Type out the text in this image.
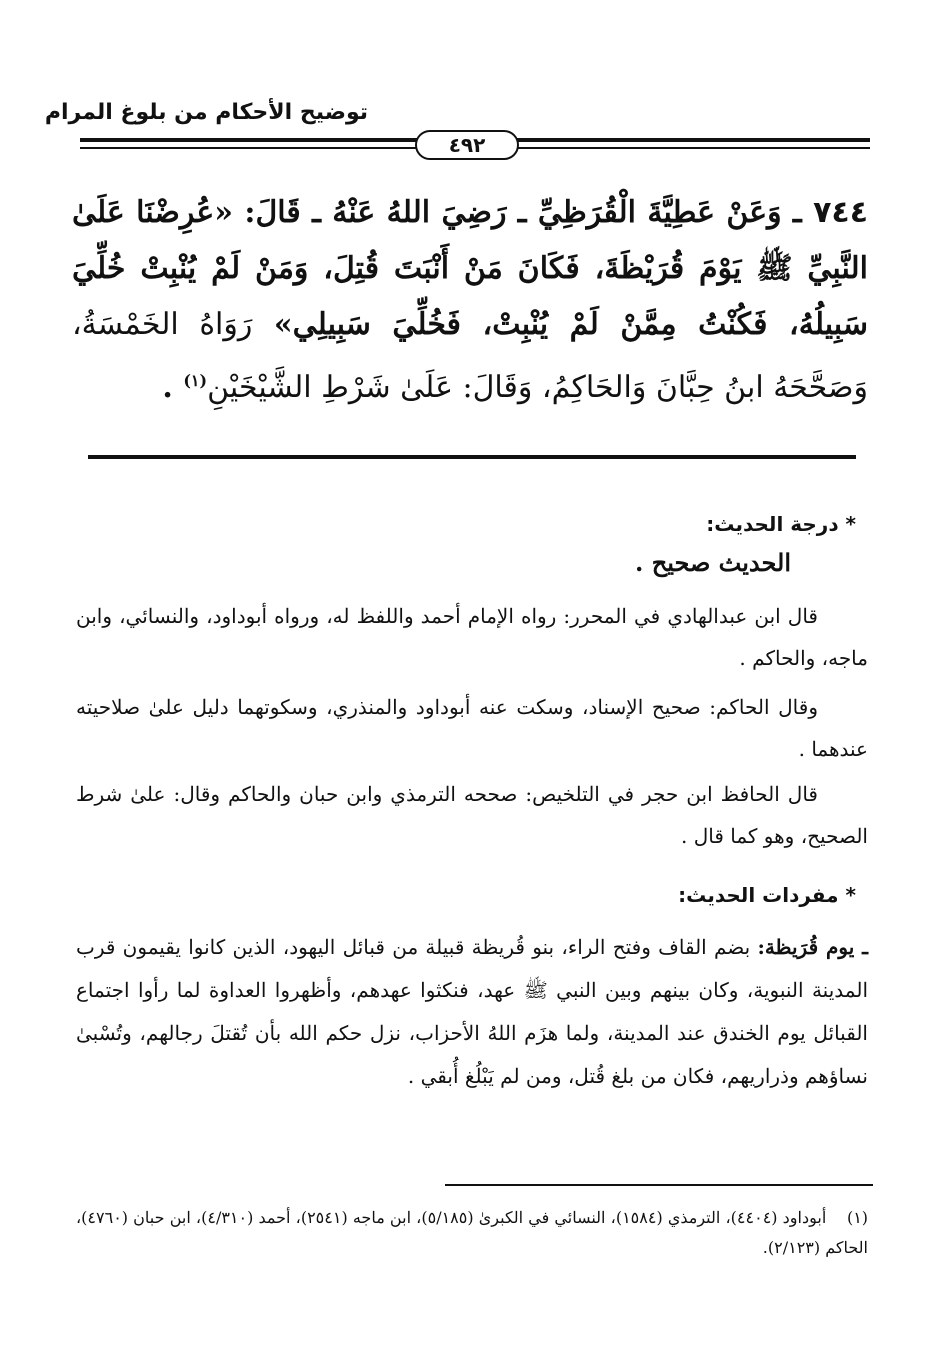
توضيح الأحكام من بلوغ المرام
٤٩٢
٧٤٤ ـ وَعَنْ عَطِيَّةَ الْقُرَظِيِّ ـ رَضِيَ اللهُ عَنْهُ ـ قَالَ: «عُرِضْنَا عَلَىٰ النَّبِيِّ ﷺ يَوْمَ قُرَيْظَةَ، فَكَانَ مَنْ أَنْبَتَ قُتِلَ، وَمَنْ لَمْ يُنْبِتْ خُلِّيَ سَبِيلُهُ، فَكُنْتُ مِمَّنْ لَمْ يُنْبِتْ، فَخُلِّيَ سَبِيلِي» رَوَاهُ الخَمْسَةُ، وَصَحَّحَهُ ابنُ حِبَّانَ وَالحَاكِمُ، وَقَالَ: عَلَىٰ شَرْطِ الشَّيْخَيْنِ$^{(١)}$ .
* درجة الحديث:
الحديث صحيح .
قال ابن عبدالهادي في المحرر: رواه الإمام أحمد واللفظ له، ورواه أبوداود، والنسائي، وابن ماجه، والحاكم .
وقال الحاكم: صحيح الإسناد، وسكت عنه أبوداود والمنذري، وسكوتهما دليل علىٰ صلاحيته عندهما .
قال الحافظ ابن حجر في التلخيص: صححه الترمذي وابن حبان والحاكم وقال: علىٰ شرط الصحيح، وهو كما قال .
* مفردات الحديث:
ـ يوم قُرَيظة: بضم القاف وفتح الراء، بنو قُريظة قبيلة من قبائل اليهود، الذين كانوا يقيمون قرب المدينة النبوية، وكان بينهم وبين النبي ﷺ عهد، فنكثوا عهدهم، وأظهروا العداوة لما رأوا اجتماع القبائل يوم الخندق عند المدينة، ولما هزَم اللهُ الأحزاب، نزل حكم الله بأن تُقتلَ رجالهم، وتُسْبىٰ نساؤهم وذراريهم، فكان من بلغ قُتل، ومن لم يَبْلُغ أُبقي .
(١)    أبوداود (٤٤٠٤)، الترمذي (١٥٨٤)، النسائي في الكبرىٰ (٥/١٨٥)، ابن ماجه (٢٥٤١)، أحمد (٤/٣١٠)، ابن حبان (٤٧٦٠)، الحاكم (٢/١٢٣).
